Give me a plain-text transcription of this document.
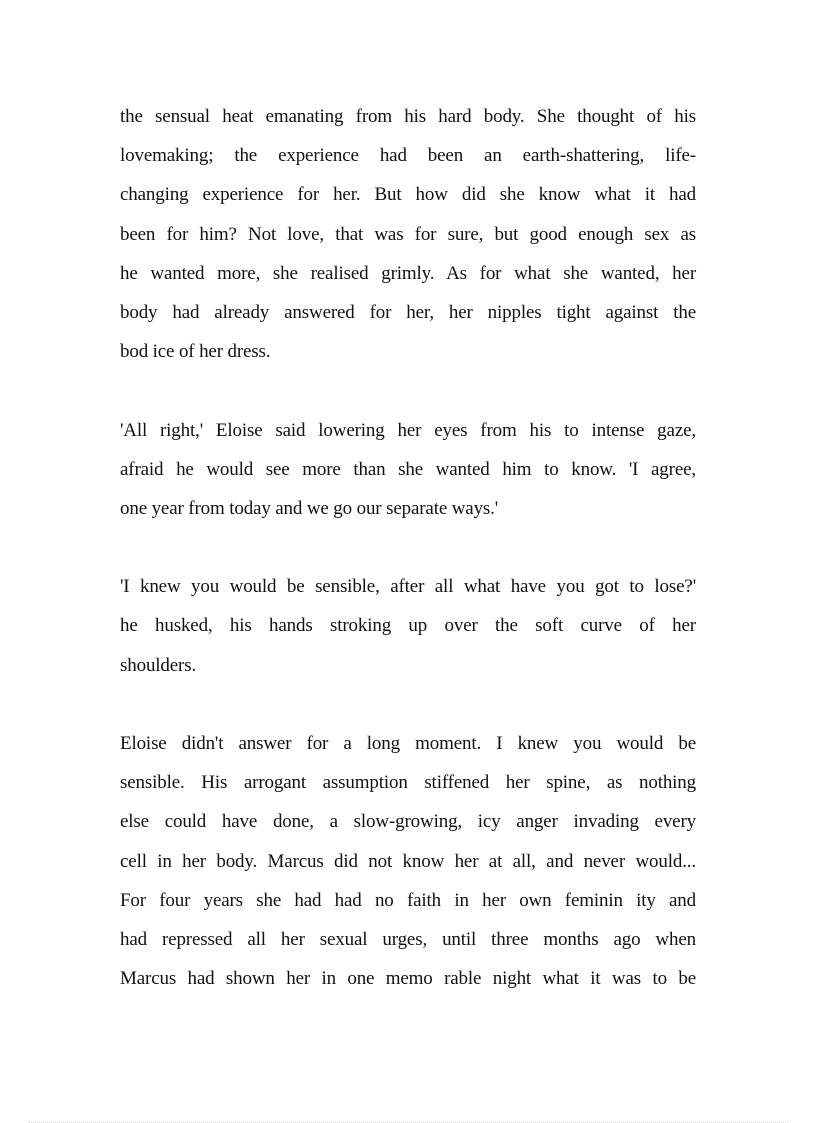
the sensual heat emanating from his hard body. She thought of his
lovemaking; the experience had been an earth-shattering, life-
changing experience for her. But how did she know what it had
been for him? Not love, that was for sure, but good enough sex as
he wanted more, she realised grimly. As for what she wanted, her
body had already answered for her, her nipples tight against the
bod ice of her dress.
'All right,' Eloise said lowering her eyes from his to intense gaze,
afraid he would see more than she wanted him to know. 'I agree,
one year from today and we go our separate ways.'
'I knew you would be sensible, after all what have you got to lose?'
he husked, his hands stroking up over the soft curve of her
shoulders.
Eloise didn't answer for a long moment. I knew you would be
sensible. His arrogant assumption stiffened her spine, as nothing
else could have done, a slow-growing, icy anger invading every
cell in her body. Marcus did not know her at all, and never would...
For four years she had had no faith in her own feminin ity and
had repressed all her sexual urges, until three months ago when
Marcus had shown her in one memo rable night what it was to be
